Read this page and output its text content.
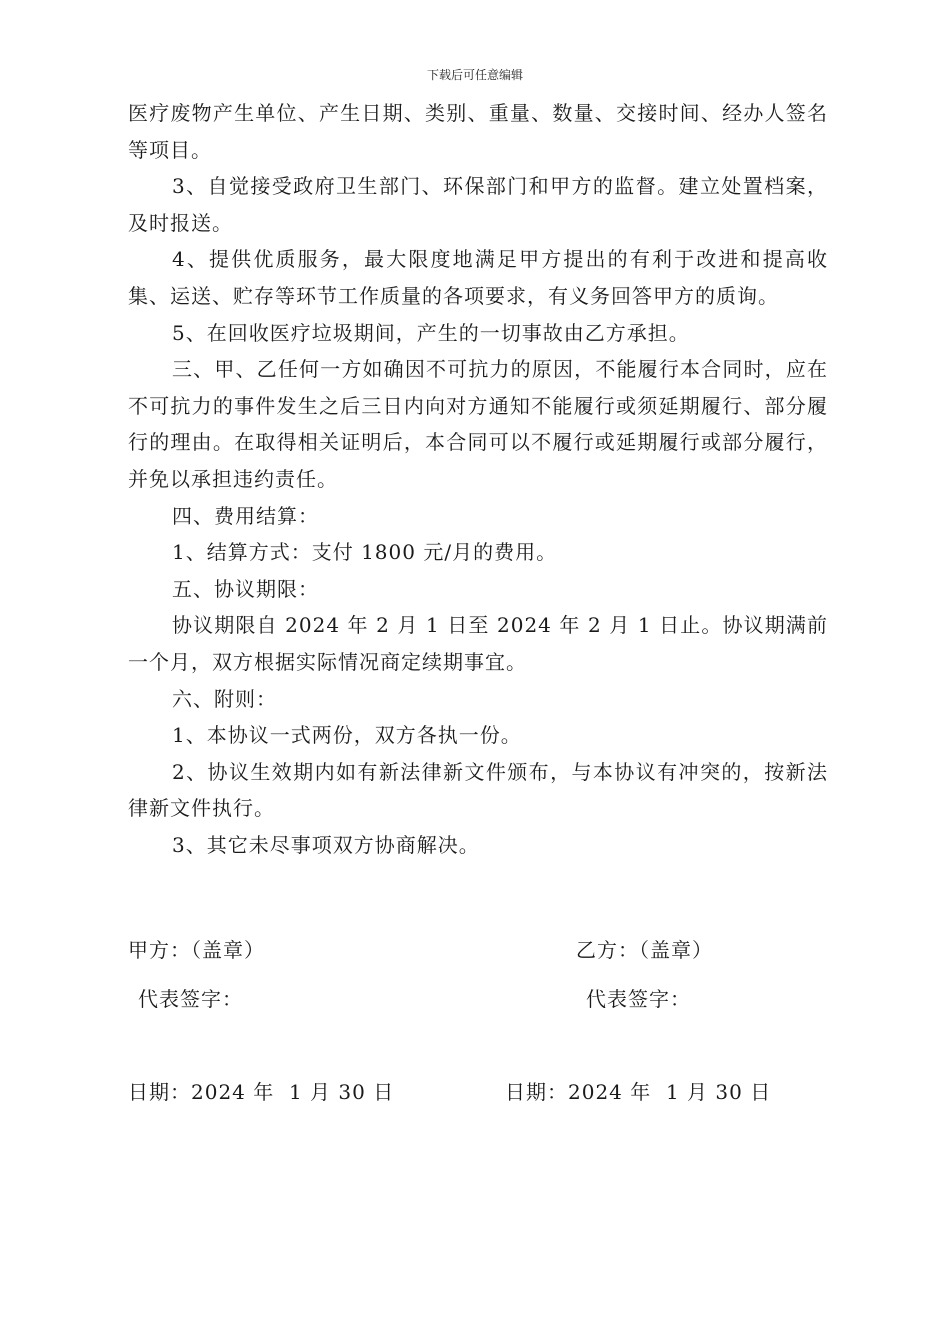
下载后可任意编辑

医疗废物产生单位、产生日期、类别、重量、数量、交接时间、经办人签名等项目。

3、自觉接受政府卫生部门、环保部门和甲方的监督。建立处置档案，及时报送。

4、提供优质服务，最大限度地满足甲方提出的有利于改进和提高收集、运送、贮存等环节工作质量的各项要求，有义务回答甲方的质询。

5、在回收医疗垃圾期间，产生的一切事故由乙方承担。

三、甲、乙任何一方如确因不可抗力的原因，不能履行本合同时，应在不可抗力的事件发生之后三日内向对方通知不能履行或须延期履行、部分履行的理由。在取得相关证明后，本合同可以不履行或延期履行或部分履行，并免以承担违约责任。

四、费用结算：

1、结算方式：支付 1800 元/月的费用。

五、协议期限：

协议期限自 2024 年 2 月 1 日至 2024 年 2 月 1 日止。协议期满前一个月，双方根据实际情况商定续期事宜。

六、附则：

1、本协议一式两份，双方各执一份。

2、协议生效期内如有新法律新文件颁布，与本协议有冲突的，按新法律新文件执行。

3、其它未尽事项双方协商解决。

甲方：（盖章）	乙方：（盖章）
代表签字：	代表签字：
日期：2024 年  1 月 30 日	日期：2024 年  1 月 30 日
